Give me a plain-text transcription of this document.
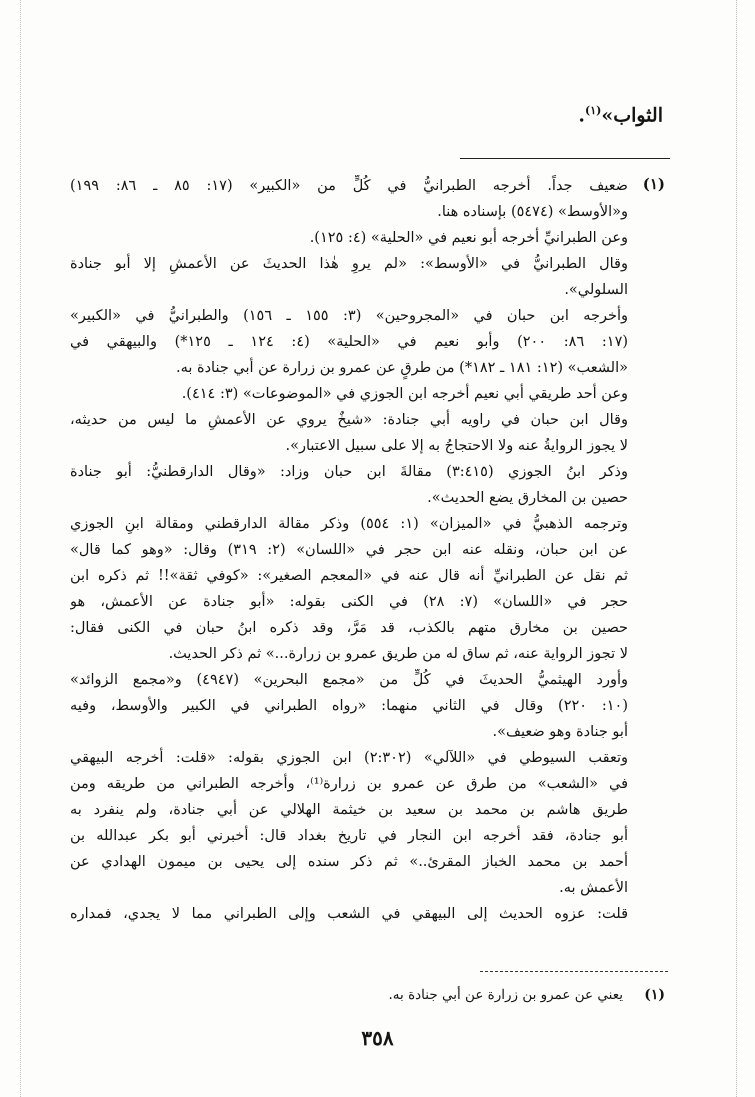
الثواب»$^{(١)}$.
(١)
ضعيف جداً. أخرجه الطبرانيُّ في كُلٍّ من «الكبير» (١٧: ٨٥ ـ ٨٦: ١٩٩)
و«الأوسط» (٥٤٧٤) بإسناده هنا.
وعن الطبرانيِّ أخرجه أبو نعيم في «الحلية» (٤: ١٢٥).
وقال الطبرانيُّ في «الأوسط»: «لم يروِ هٰذا الحديثَ عن الأعمشِ إلا أبو جنادة
السلولي».
وأخرجه ابن حبان في «المجروحين» (٣: ١٥٥ ـ ١٥٦) والطبرانيُّ في «الكبير»
(١٧: ٨٦: ٢٠٠) وأبو نعيم في «الحلية» (٤: ١٢٤ ـ ١٢٥*) والبيهقي في
«الشعب» (١٢: ١٨١ ـ ١٨٢*) من طرقٍ عن عمرو بن زرارة عن أبي جنادة به.
وعن أحد طريقي أبي نعيم أخرجه ابن الجوزي في «الموضوعات» (٣: ٤١٤).
وقال ابن حبان في راويه أبي جنادة: «شيخٌ يروي عن الأعمشِ ما ليس من حديثه،
لا يجوز الروايةُ عنه ولا الاحتجاجُ به إلا على سبيل الاعتبار».
وذكر ابنُ الجوزي (٣:٤١٥) مقالةَ ابن حبان وزاد: «وقال الدارقطنيُّ: أبو جنادة
حصين بن المخارق يضع الحديث».
وترجمه الذهبيُّ في «الميزان» (١: ٥٥٤) وذكر مقالة الدارقطني ومقالة ابنِ الجوزي
عن ابن حبان، ونقله عنه ابن حجر في «اللسان» (٢: ٣١٩) وقال: «وهو كما قال»
ثم نقل عن الطبرانيِّ أنه قال عنه في «المعجم الصغير»: «كوفي ثقة»!! ثم ذكره ابن
حجر في «اللسان» (٧: ٢٨) في الكنى بقوله: «أبو جنادة عن الأعمش، هو
حصين بن مخارق متهم بالكذب، قد مَرَّ، وقد ذكره ابنُ حبان في الكنى فقال:
لا تجوز الرواية عنه، ثم ساق له من طريق عمرو بن زرارة...» ثم ذكر الحديث.
وأورد الهيثميُّ الحديثَ في كُلٍّ من «مجمع البحرين» (٤٩٤٧) و«مجمع الزوائد»
(١٠: ٢٢٠) وقال في الثاني منهما: «رواه الطبراني في الكبير والأوسط، وفيه
أبو جنادة وهو ضعيف».
وتعقب السيوطي في «اللآلي» (٢:٣٠٢) ابن الجوزي بقوله: «قلت: أخرجه البيهقي
في «الشعب» من طرق عن عمرو بن زرارة⁽¹⁾، وأخرجه الطبراني من طريقه ومن
طريق هاشم بن محمد بن سعيد بن خيثمة الهلالي عن أبي جنادة، ولم ينفرد به
أبو جنادة، فقد أخرجه ابن النجار في تاريخ بغداد قال: أخبرني أبو بكر عبدالله بن
أحمد بن محمد الخباز المقرئ..» ثم ذكر سنده إلى يحيى بن ميمون الهدادي عن
الأعمش به.
قلت: عزوه الحديث إلى البيهقي في الشعب وإلى الطبراني مما لا يجدي، فمداره
(١)
يعني عن عمرو بن زرارة عن أبي جنادة به.
٣٥٨
